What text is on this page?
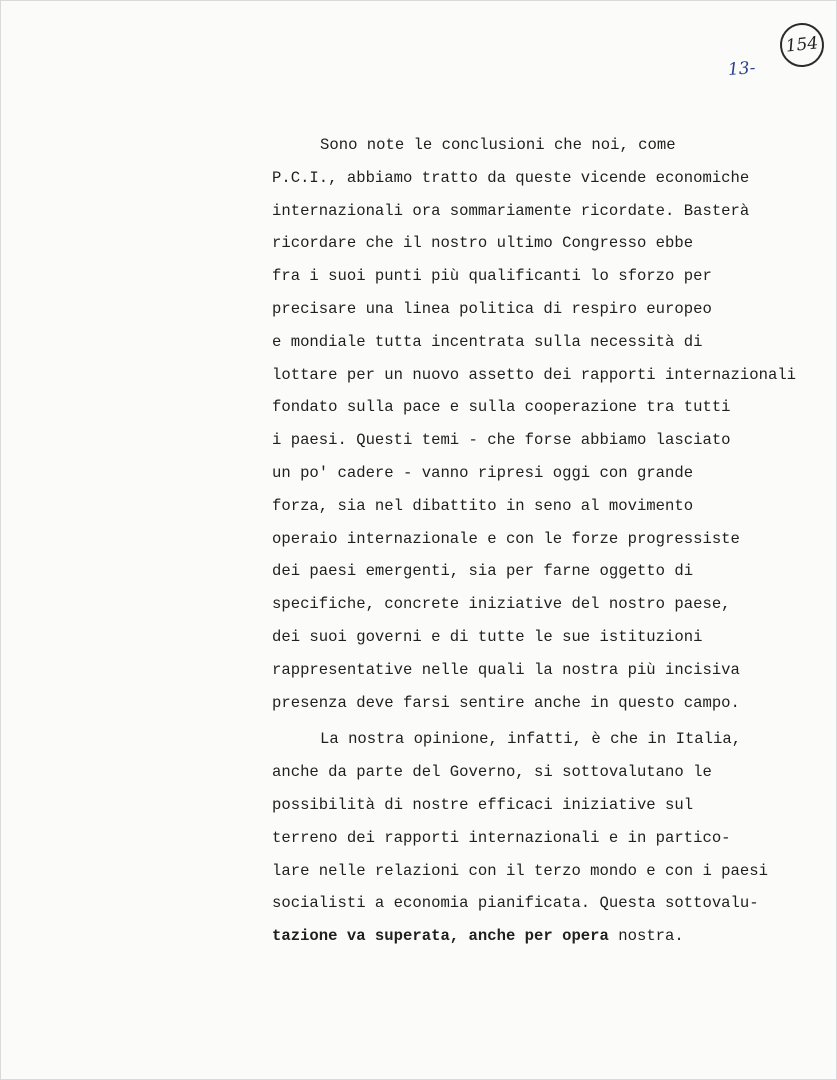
154
13-
Sono note le conclusioni che noi, come
P.C.I., abbiamo tratto da queste vicende economiche
internazionali ora sommariamente ricordate. Basterà
ricordare che il nostro ultimo Congresso ebbe
fra i suoi punti più qualificanti lo sforzo per
precisare una linea politica di respiro europeo
e mondiale tutta incentrata sulla necessità di
lottare per un nuovo assetto dei rapporti internazionali
fondato sulla pace e sulla cooperazione tra tutti
i paesi. Questi temi - che forse abbiamo lasciato
un po' cadere - vanno ripresi oggi con grande
forza, sia nel dibattito in seno al movimento
operaio internazionale e con le forze progressiste
dei paesi emergenti, sia per farne oggetto di
specifiche, concrete iniziative del nostro paese,
dei suoi governi e di tutte le sue istituzioni
rappresentative nelle quali la nostra più incisiva
presenza deve farsi sentire anche in questo campo.
La nostra opinione, infatti, è che in Italia,
anche da parte del Governo, si sottovalutano le
possibilità di nostre efficaci iniziative sul
terreno dei rapporti internazionali e in partico-
lare nelle relazioni con il terzo mondo e con i paesi
socialisti a economia pianificata. Questa sottovalu-
tazione va superata, anche per opera nostra.
